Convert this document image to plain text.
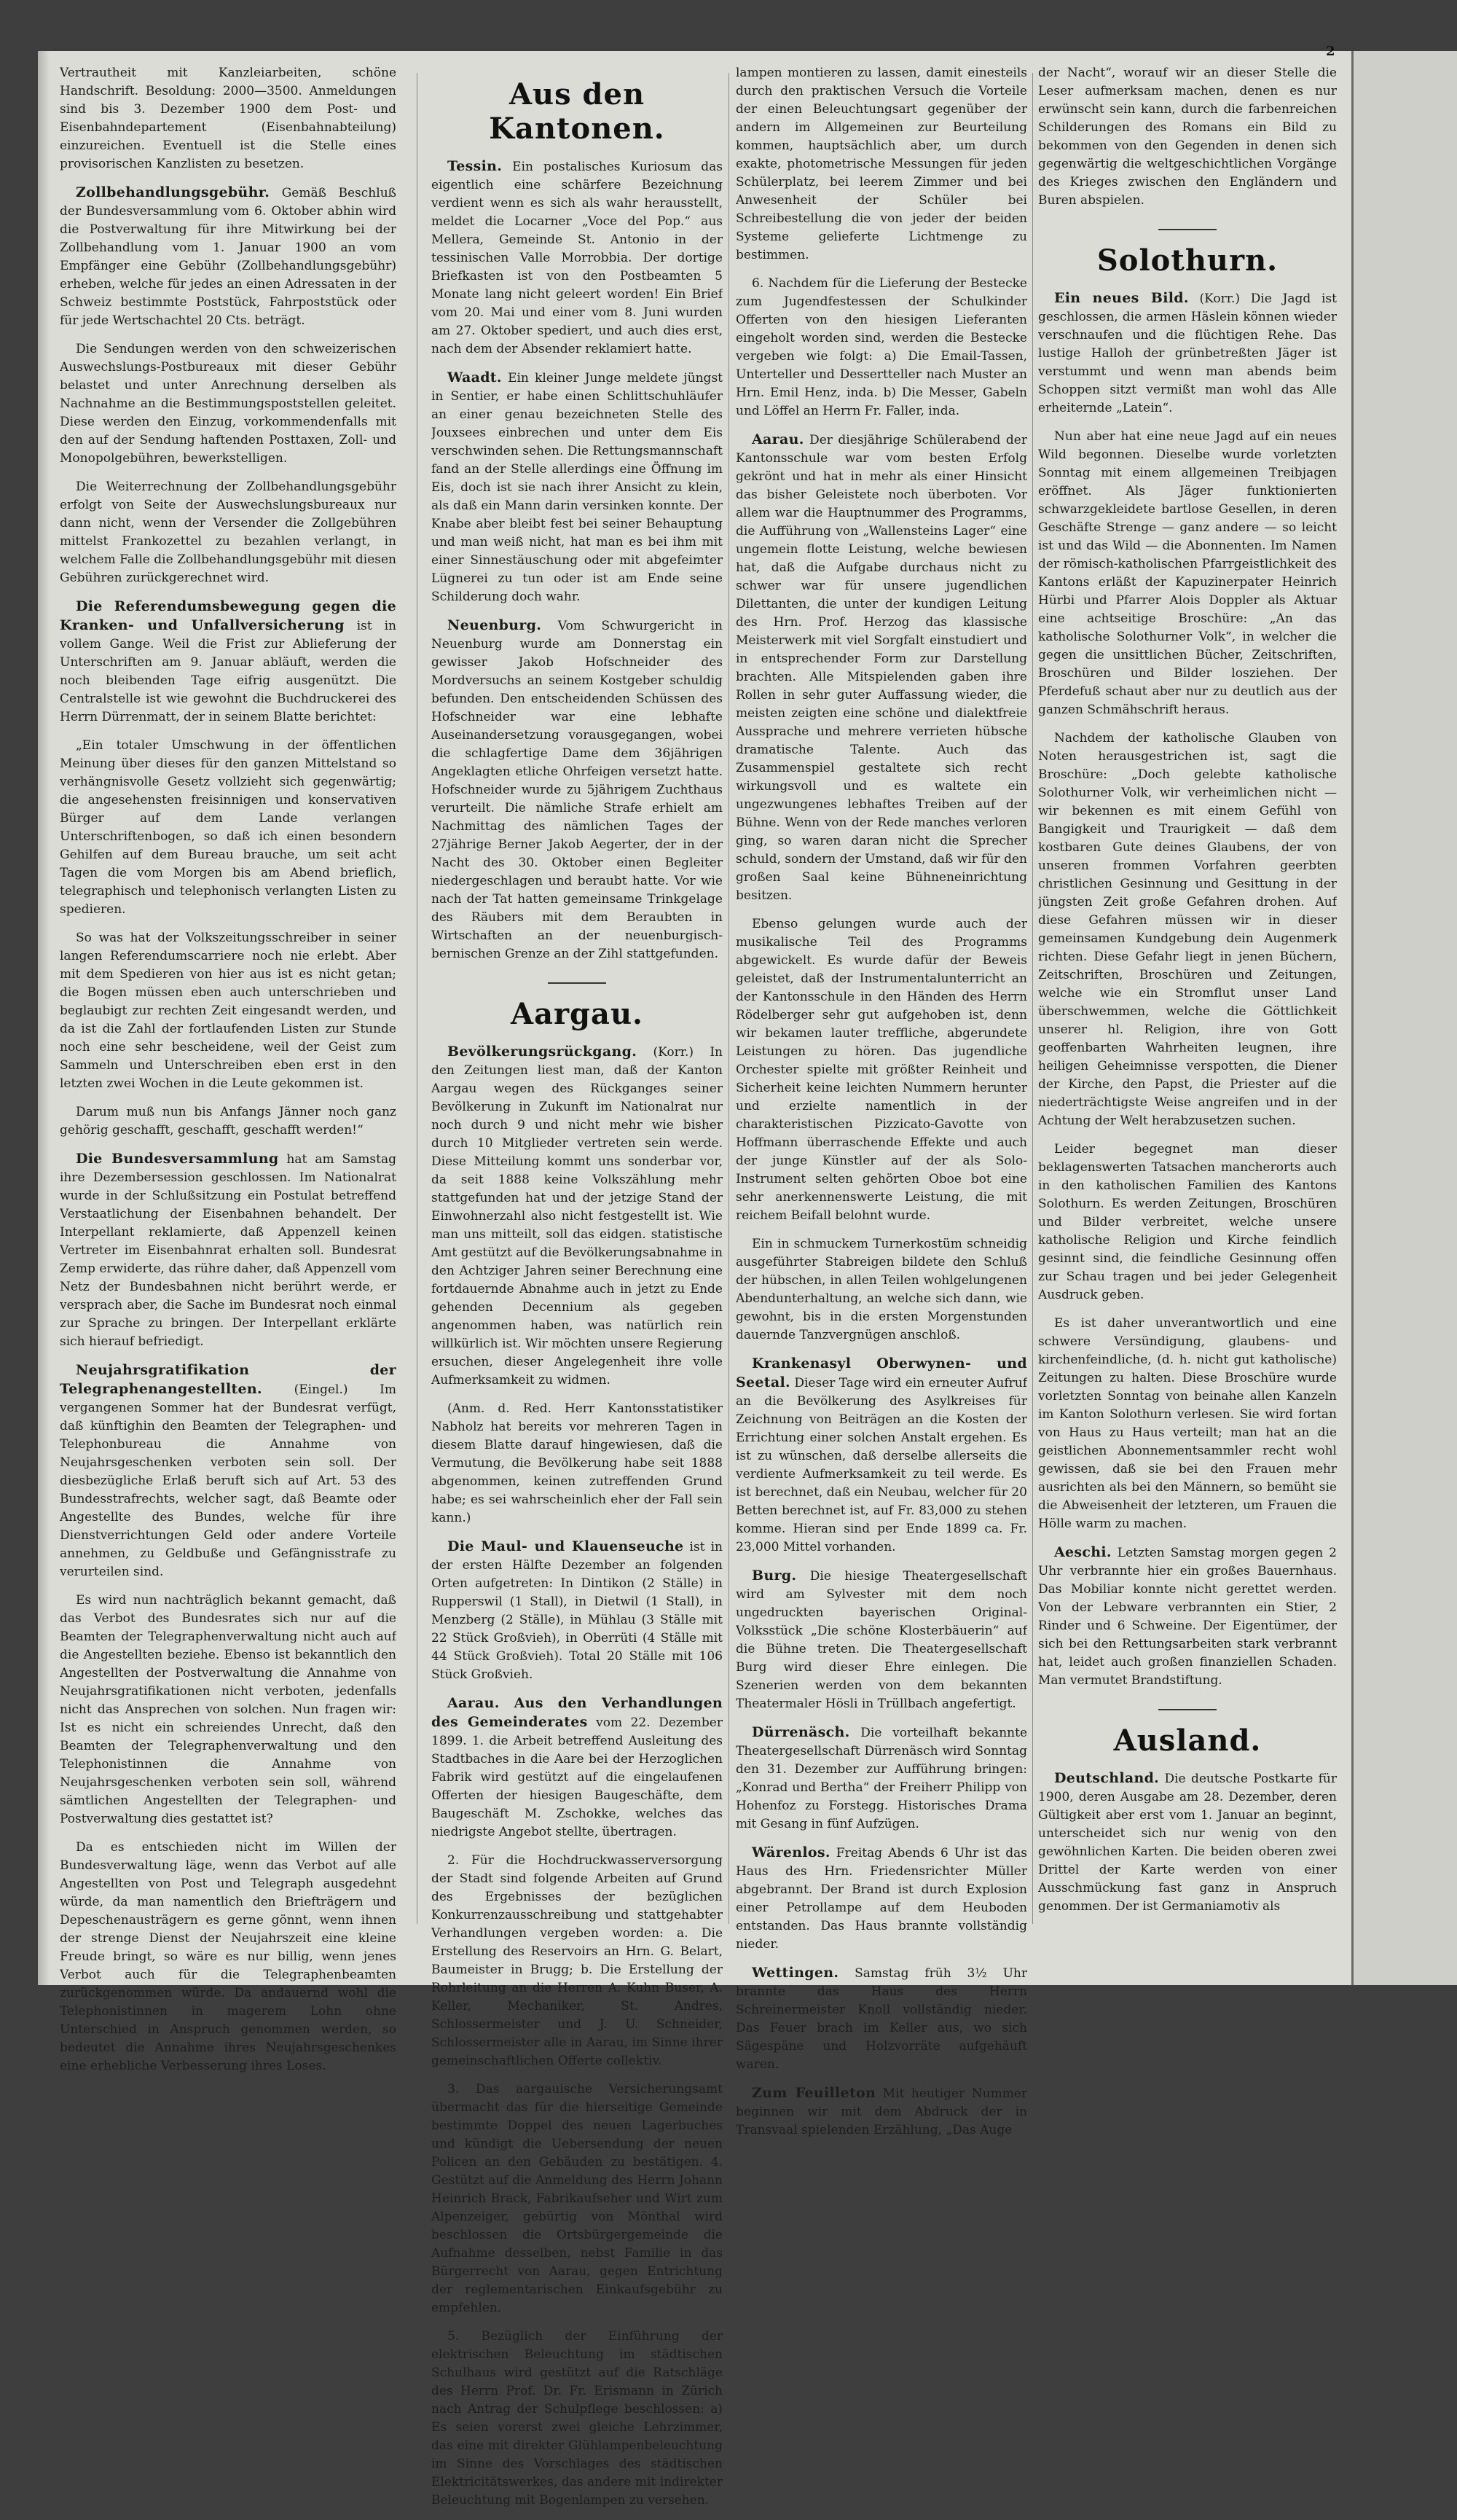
2

Vertrautheit mit Kanzleiarbeiten, schöne Handschrift. Besoldung: 2000—3500. Anmeldungen sind bis 3. Dezember 1900 dem Post- und Eisenbahndepartement (Eisenbahnabteilung) einzureichen. Eventuell ist die Stelle eines provisorischen Kanzlisten zu besetzen.

Zollbehandlungsgebühr. Gemäß Beschluß der Bundesversammlung vom 6. Oktober abhin wird die Postverwaltung für ihre Mitwirkung bei der Zollbehandlung vom 1. Januar 1900 an vom Empfänger eine Gebühr (Zollbehandlungsgebühr) erheben, welche für jedes an einen Adressaten in der Schweiz bestimmte Poststück, Fahrpoststück oder für jede Wertschachtel 20 Cts. beträgt.

Die Sendungen werden von den schweizerischen Auswechslungs-Postbureaux mit dieser Gebühr belastet und unter Anrechnung derselben als Nachnahme an die Bestimmungspoststellen geleitet. Diese werden den Einzug, vorkommendenfalls mit den auf der Sendung haftenden Posttaxen, Zoll- und Monopolgebühren, bewerkstelligen.

Die Weiterrechnung der Zollbehandlungsgebühr erfolgt von Seite der Auswechslungsbureaux nur dann nicht, wenn der Versender die Zollgebühren mittelst Frankozettel zu bezahlen verlangt, in welchem Falle die Zollbehandlungsgebühr mit diesen Gebühren zurückgerechnet wird.

Die Referendumsbewegung gegen die Kranken- und Unfallversicherung ist in vollem Gange. Weil die Frist zur Ablieferung der Unterschriften am 9. Januar abläuft, werden die noch bleibenden Tage eifrig ausgenützt. Die Centralstelle ist wie gewohnt die Buchdruckerei des Herrn Dürrenmatt, der in seinem Blatte berichtet:

„Ein totaler Umschwung in der öffentlichen Meinung über dieses für den ganzen Mittelstand so verhängnisvolle Gesetz vollzieht sich gegenwärtig; die angesehensten freisinnigen und konservativen Bürger auf dem Lande verlangen Unterschriftenbogen, so daß ich einen besondern Gehilfen auf dem Bureau brauche, um seit acht Tagen die vom Morgen bis am Abend brieflich, telegraphisch und telephonisch verlangten Listen zu spedieren.

So was hat der Volkszeitungsschreiber in seiner langen Referendumscarriere noch nie erlebt. Aber mit dem Spedieren von hier aus ist es nicht getan; die Bogen müssen eben auch unterschrieben und beglaubigt zur rechten Zeit eingesandt werden, und da ist die Zahl der fortlaufenden Listen zur Stunde noch eine sehr bescheidene, weil der Geist zum Sammeln und Unterschreiben eben erst in den letzten zwei Wochen in die Leute gekommen ist.

Darum muß nun bis Anfangs Jänner noch ganz gehörig geschafft, geschafft, geschafft werden!“

Die Bundesversammlung hat am Samstag ihre Dezembersession geschlossen. Im Nationalrat wurde in der Schlußsitzung ein Postulat betreffend Verstaatlichung der Eisenbahnen behandelt. Der Interpellant reklamierte, daß Appenzell keinen Vertreter im Eisenbahnrat erhalten soll. Bundesrat Zemp erwiderte, das rühre daher, daß Appenzell vom Netz der Bundesbahnen nicht berührt werde, er versprach aber, die Sache im Bundesrat noch einmal zur Sprache zu bringen. Der Interpellant erklärte sich hierauf befriedigt.

Neujahrsgratifikation der Telegraphenangestellten.	(Eingel.) Im vergangenen Sommer hat der Bundesrat verfügt, daß künftighin den Beamten der Telegraphen- und Telephonbureau die Annahme von Neujahrsgeschenken verboten sein soll. Der diesbezügliche Erlaß beruft sich auf Art. 53 des Bundesstrafrechts, welcher sagt, daß Beamte oder Angestellte des Bundes, welche für ihre Dienstverrichtungen Geld oder andere Vorteile annehmen, zu Geldbuße und Gefängnisstrafe zu verurteilen sind.

Es wird nun nachträglich bekannt gemacht, daß das Verbot des Bundesrates sich nur auf die Beamten der Telegraphenverwaltung nicht auch auf die Angestellten beziehe. Ebenso ist bekanntlich den Angestellten der Postverwaltung die Annahme von Neujahrsgratifikationen nicht verboten, jedenfalls nicht das Ansprechen von solchen. Nun fragen wir: Ist es nicht ein schreiendes Unrecht, daß den Beamten der Telegraphenverwaltung und den Telephonistinnen die Annahme von Neujahrsgeschenken verboten sein soll, während sämtlichen Angestellten der Telegraphen- und Postverwaltung dies gestattet ist?

Da es entschieden nicht im Willen der Bundesverwaltung läge, wenn das Verbot auf alle Angestellten von Post und Telegraph ausgedehnt würde, da man namentlich den Briefträgern und Depeschenausträgern es gerne gönnt, wenn ihnen der strenge Dienst der Neujahrszeit eine kleine Freude bringt, so wäre es nur billig, wenn jenes Verbot auch für die Telegraphenbeamten zurückgenommen würde. Da andauernd wohl die Telephonistinnen in magerem Lohn ohne Unterschied in Anspruch genommen werden, so bedeutet die Annahme ihres Neujahrsgeschenkes eine erhebliche Verbesserung ihres Loses.

Aus den Kantonen.

Tessin. Ein postalisches Kuriosum das eigentlich eine schärfere Bezeichnung verdient wenn es sich als wahr herausstellt, meldet die Locarner „Voce del Pop.“ aus Mellera, Gemeinde St. Antonio in der tessinischen Valle Morrobbia. Der dortige Briefkasten ist von den Postbeamten 5 Monate lang nicht geleert worden! Ein Brief vom 20. Mai und einer vom 8. Juni wurden am 27. Oktober spediert, und auch dies erst, nach dem der Absender reklamiert hatte.

Waadt. Ein kleiner Junge meldete jüngst in Sentier, er habe einen Schlittschuhläufer an einer genau bezeichneten Stelle des Jouxsees einbrechen und unter dem Eis verschwinden sehen. Die Rettungsmannschaft fand an der Stelle allerdings eine Öffnung im Eis, doch ist sie nach ihrer Ansicht zu klein, als daß ein Mann darin versinken konnte. Der Knabe aber bleibt fest bei seiner Behauptung und man weiß nicht, hat man es bei ihm mit einer Sinnestäuschung oder mit abgefeimter Lügnerei zu tun oder ist am Ende seine Schilderung doch wahr.

Neuenburg. Vom Schwurgericht in Neuenburg wurde am Donnerstag ein gewisser Jakob Hofschneider des Mordversuchs an seinem Kostgeber schuldig befunden. Den entscheidenden Schüssen des Hofschneider war eine lebhafte Auseinandersetzung vorausgegangen, wobei die schlagfertige Dame dem 36jährigen Angeklagten etliche Ohrfeigen versetzt hatte. Hofschneider wurde zu 5jährigem Zuchthaus verurteilt. Die nämliche Strafe erhielt am Nachmittag des nämlichen Tages der 27jährige Berner Jakob Aegerter, der in der Nacht des 30. Oktober einen Begleiter niedergeschlagen und beraubt hatte. Vor wie nach der Tat hatten gemeinsame Trinkgelage des Räubers mit dem Beraubten in Wirtschaften an der neuenburgisch-bernischen Grenze an der Zihl stattgefunden.

Aargau.

Bevölkerungsrückgang. (Korr.) In den Zeitungen liest man, daß der Kanton Aargau wegen des Rückganges seiner Bevölkerung in Zukunft im Nationalrat nur noch durch 9 und nicht mehr wie bisher durch 10 Mitglieder vertreten sein werde. Diese Mitteilung kommt uns sonderbar vor, da seit 1888 keine Volkszählung mehr stattgefunden hat und der jetzige Stand der Einwohnerzahl also nicht festgestellt ist. Wie man uns mitteilt, soll das eidgen. statistische Amt gestützt auf die Bevölkerungsabnahme in den Achtziger Jahren seiner Berechnung eine fortdauernde Abnahme auch in jetzt zu Ende gehenden Decennium als gegeben angenommen haben, was natürlich rein willkürlich ist. Wir möchten unsere Regierung ersuchen, dieser Angelegenheit ihre volle Aufmerksamkeit zu widmen.

(Anm. d. Red. Herr Kantonsstatistiker Nabholz hat bereits vor mehreren Tagen in diesem Blatte darauf hingewiesen, daß die Vermutung, die Bevölkerung habe seit 1888 abgenommen, keinen zutreffenden Grund habe; es sei wahrscheinlich eher der Fall sein kann.)

Die Maul- und Klauenseuche ist in der ersten Hälfte Dezember an folgenden Orten aufgetreten: In Dintikon (2 Ställe) in Rupperswil (1 Stall), in Dietwil (1 Stall), in Menzberg (2 Ställe), in Mühlau (3 Ställe mit 22 Stück Großvieh), in Oberrüti (4 Ställe mit 44 Stück Großvieh). Total 20 Ställe mit 106 Stück Großvieh.

Aarau. Aus den Verhandlungen des Gemeinderates vom 22. Dezember 1899. 1. die Arbeit betreffend Ausleitung des Stadtbaches in die Aare bei der Herzoglichen Fabrik wird gestützt auf die eingelaufenen Offerten der hiesigen Baugeschäfte, dem Baugeschäft M. Zschokke, welches das niedrigste Angebot stellte, übertragen.

2. Für die Hochdruckwasserversorgung der Stadt sind folgende Arbeiten auf Grund des Ergebnisses der bezüglichen Konkurrenzausschreibung und stattgehabter Verhandlungen vergeben worden: a. Die Erstellung des Reservoirs an Hrn. G. Belart, Baumeister in Brugg; b. Die Erstellung der Rohrleitung an die Herren A. Kuhn Buser, A. Keller, Mechaniker, St. Andres, Schlossermeister und J. U. Schneider, Schlossermeister alle in Aarau, im Sinne ihrer gemeinschaftlichen Offerte collektiv.

3. Das aargauische Versicherungsamt übermacht das für die hierseitige Gemeinde bestimmte Doppel des neuen Lagerbuches und kündigt die Uebersendung der neuen Policen an den Gebäuden zu bestätigen. 4. Gestützt auf die Anmeldung des Herrn Johann Heinrich Brack, Fabrikaufseher und Wirt zum Alpenzeiger, gebürtig von Mönthal wird beschlossen die Ortsbürgergemeinde die Aufnahme desselben, nebst Familie in das Bürgerrecht von Aarau, gegen Entrichtung der reglementarischen Einkaufsgebühr zu empfehlen.

5. Bezüglich der Einführung der elektrischen Beleuchtung im städtischen Schulhaus wird gestützt auf die Ratschläge des Herrn Prof. Dr. Fr. Erismann in Zürich nach Antrag der Schulpflege beschlossen: a) Es seien vorerst zwei gleiche Lehrzimmer, das eine mit direkter Glühlampenbeleuchtung im Sinne des Vorschlages des städtischen Elektricitätswerkes, das andere mit indirekter Beleuchtung mit Bogenlampen zu versehen.

lampen montieren zu lassen, damit einesteils durch den praktischen Versuch die Vorteile der einen Beleuchtungsart gegenüber der andern im Allgemeinen zur Beurteilung kommen, hauptsächlich aber, um durch exakte, photometrische Messungen für jeden Schülerplatz, bei leerem Zimmer und bei Anwesenheit der Schüler bei Schreibestellung die von jeder der beiden Systeme gelieferte Lichtmenge zu bestimmen.

6. Nachdem für die Lieferung der Bestecke zum Jugendfestessen der Schulkinder Offerten von den hiesigen Lieferanten eingeholt worden sind, werden die Bestecke vergeben wie folgt: a) Die Email-Tassen, Unterteller und Dessertteller nach Muster an Hrn. Emil Henz, inda. b) Die Messer, Gabeln und Löffel an Herrn Fr. Faller, inda.

Aarau. Der diesjährige Schülerabend der Kantonsschule war vom besten Erfolg gekrönt und hat in mehr als einer Hinsicht das bisher Geleistete noch überboten. Vor allem war die Hauptnummer des Programms, die Aufführung von „Wallensteins Lager“ eine ungemein flotte Leistung, welche bewiesen hat, daß die Aufgabe durchaus nicht zu schwer war für unsere jugendlichen Dilettanten, die unter der kundigen Leitung des Hrn. Prof. Herzog das klassische Meisterwerk mit viel Sorgfalt einstudiert und in entsprechender Form zur Darstellung brachten. Alle Mitspielenden gaben ihre Rollen in sehr guter Auffassung wieder, die meisten zeigten eine schöne und dialektfreie Aussprache und mehrere verrieten hübsche dramatische Talente. Auch das Zusammenspiel gestaltete sich recht wirkungsvoll und es waltete ein ungezwungenes lebhaftes Treiben auf der Bühne. Wenn von der Rede manches verloren ging, so waren daran nicht die Sprecher schuld, sondern der Umstand, daß wir für den großen Saal keine Bühneneinrichtung besitzen.

Ebenso gelungen wurde auch der musikalische Teil des Programms abgewickelt. Es wurde dafür der Beweis geleistet, daß der Instrumentalunterricht an der Kantonsschule in den Händen des Herrn Rödelberger sehr gut aufgehoben ist, denn wir bekamen lauter treffliche, abgerundete Leistungen zu hören. Das jugendliche Orchester spielte mit größter Reinheit und Sicherheit keine leichten Nummern herunter und erzielte namentlich in der charakteristischen Pizzicato-Gavotte von Hoffmann überraschende Effekte und auch der junge Künstler auf der als Solo-Instrument selten gehörten Oboe bot eine sehr anerkennenswerte Leistung, die mit reichem Beifall belohnt wurde.

Ein in schmuckem Turnerkostüm schneidig ausgeführter Stabreigen bildete den Schluß der hübschen, in allen Teilen wohlgelungenen Abendunterhaltung, an welche sich dann, wie gewohnt, bis in die ersten Morgenstunden dauernde Tanzvergnügen anschloß.

Krankenasyl Oberwynen- und Seetal. Dieser Tage wird ein erneuter Aufruf an die Bevölkerung des Asylkreises für Zeichnung von Beiträgen an die Kosten der Errichtung einer solchen Anstalt ergehen. Es ist zu wünschen, daß derselbe allerseits die verdiente Aufmerksamkeit zu teil werde. Es ist berechnet, daß ein Neubau, welcher für 20 Betten berechnet ist, auf Fr. 83,000 zu stehen komme. Hieran sind per Ende 1899 ca. Fr. 23,000 Mittel vorhanden.

Burg. Die hiesige Theatergesellschaft wird am Sylvester mit dem noch ungedruckten bayerischen Original-Volksstück „Die schöne Klosterbäuerin“ auf die Bühne treten. Die Theatergesellschaft Burg wird dieser Ehre einlegen. Die Szenerien werden von dem bekannten Theatermaler Hösli in Trüllbach angefertigt.

Dürrenäsch. Die vorteilhaft bekannte Theatergesellschaft Dürrenäsch wird Sonntag den 31. Dezember zur Aufführung bringen: „Konrad und Bertha“ der Freiherr Philipp von Hohenfoz zu Forstegg. Historisches Drama mit Gesang in fünf Aufzügen.

Wärenlos. Freitag Abends 6 Uhr ist das Haus des Hrn. Friedensrichter Müller abgebrannt. Der Brand ist durch Explosion einer Petrollampe auf dem Heuboden entstanden. Das Haus brannte vollständig nieder.

Wettingen. Samstag früh 3½ Uhr brannte das Haus des Herrn Schreinermeister Knoll vollständig nieder. Das Feuer brach im Keller aus, wo sich Sägespäne und Holzvorräte aufgehäuft waren.

Zum Feuilleton Mit heutiger Nummer beginnen wir mit dem Abdruck der in Transvaal spielenden Erzählung, „Das Auge

der Nacht“, worauf wir an dieser Stelle die Leser aufmerksam machen, denen es nur erwünscht sein kann, durch die farbenreichen Schilderungen des Romans ein Bild zu bekommen von den Gegenden in denen sich gegenwärtig die weltgeschichtlichen Vorgänge des Krieges zwischen den Engländern und Buren abspielen.

Solothurn.

Ein neues Bild. (Korr.) Die Jagd ist geschlossen, die armen Häslein können wieder verschnaufen und die flüchtigen Rehe. Das lustige Halloh der grünbetreßten Jäger ist verstummt und wenn man abends beim Schoppen sitzt vermißt man wohl das Alle erheiternde „Latein“.

Nun aber hat eine neue Jagd auf ein neues Wild begonnen. Dieselbe wurde vorletzten Sonntag mit einem allgemeinen Treibjagen eröffnet. Als Jäger funktionierten schwarzgekleidete bartlose Gesellen, in deren Geschäfte Strenge — ganz andere — so leicht ist und das Wild — die Abonnenten. Im Namen der römisch-katholischen Pfarrgeistlichkeit des Kantons erläßt der Kapuzinerpater Heinrich Hürbi und Pfarrer Alois Doppler als Aktuar eine achtseitige Broschüre: „An das katholische Solothurner Volk“, in welcher die gegen die unsittlichen Bücher, Zeitschriften, Broschüren und Bilder losziehen. Der Pferdefuß schaut aber nur zu deutlich aus der ganzen Schmähschrift heraus.

Nachdem der katholische Glauben von Noten herausgestrichen ist, sagt die Broschüre: „Doch gelebte katholische Solothurner Volk, wir verheimlichen nicht — wir bekennen es mit einem Gefühl von Bangigkeit und Traurigkeit — daß dem kostbaren Gute deines Glaubens, der von unseren frommen Vorfahren geerbten christlichen Gesinnung und Gesittung in der jüngsten Zeit große Gefahren drohen. Auf diese Gefahren müssen wir in dieser gemeinsamen Kundgebung dein Augenmerk richten. Diese Gefahr liegt in jenen Büchern, Zeitschriften, Broschüren und Zeitungen, welche wie ein Stromflut unser Land überschwemmen, welche die Göttlichkeit unserer hl. Religion, ihre von Gott geoffenbarten Wahrheiten leugnen, ihre heiligen Geheimnisse verspotten, die Diener der Kirche, den Papst, die Priester auf die niederträchtigste Weise angreifen und in der Achtung der Welt herabzusetzen suchen.

Leider begegnet man dieser beklagenswerten Tatsachen mancherorts auch in den katholischen Familien des Kantons Solothurn. Es werden Zeitungen, Broschüren und Bilder verbreitet, welche unsere katholische Religion und Kirche feindlich gesinnt sind, die feindliche Gesinnung offen zur Schau tragen und bei jeder Gelegenheit Ausdruck geben.

Es ist daher unverantwortlich und eine schwere Versündigung, glaubens- und kirchenfeindliche, (d. h. nicht gut katholische) Zeitungen zu halten. Diese Broschüre wurde vorletzten Sonntag von beinahe allen Kanzeln im Kanton Solothurn verlesen. Sie wird fortan von Haus zu Haus verteilt; man hat an die geistlichen Abonnementsammler recht wohl gewissen, daß sie bei den Frauen mehr ausrichten als bei den Männern, so bemüht sie die Abweisenheit der letzteren, um Frauen die Hölle warm zu machen.

Aeschi. Letzten Samstag morgen gegen 2 Uhr verbrannte hier ein großes Bauernhaus. Das Mobiliar konnte nicht gerettet werden. Von der Lebware verbrannten ein Stier, 2 Rinder und 6 Schweine. Der Eigentümer, der sich bei den Rettungsarbeiten stark verbrannt hat, leidet auch großen finanziellen Schaden. Man vermutet Brandstiftung.

Ausland.

Deutschland. Die deutsche Postkarte für 1900, deren Ausgabe am 28. Dezember, deren Gültigkeit aber erst vom 1. Januar an beginnt, unterscheidet sich nur wenig von den gewöhnlichen Karten. Die beiden oberen zwei Drittel der Karte werden von einer Ausschmückung fast ganz in Anspruch genommen. Der ist Germaniamotiv als
